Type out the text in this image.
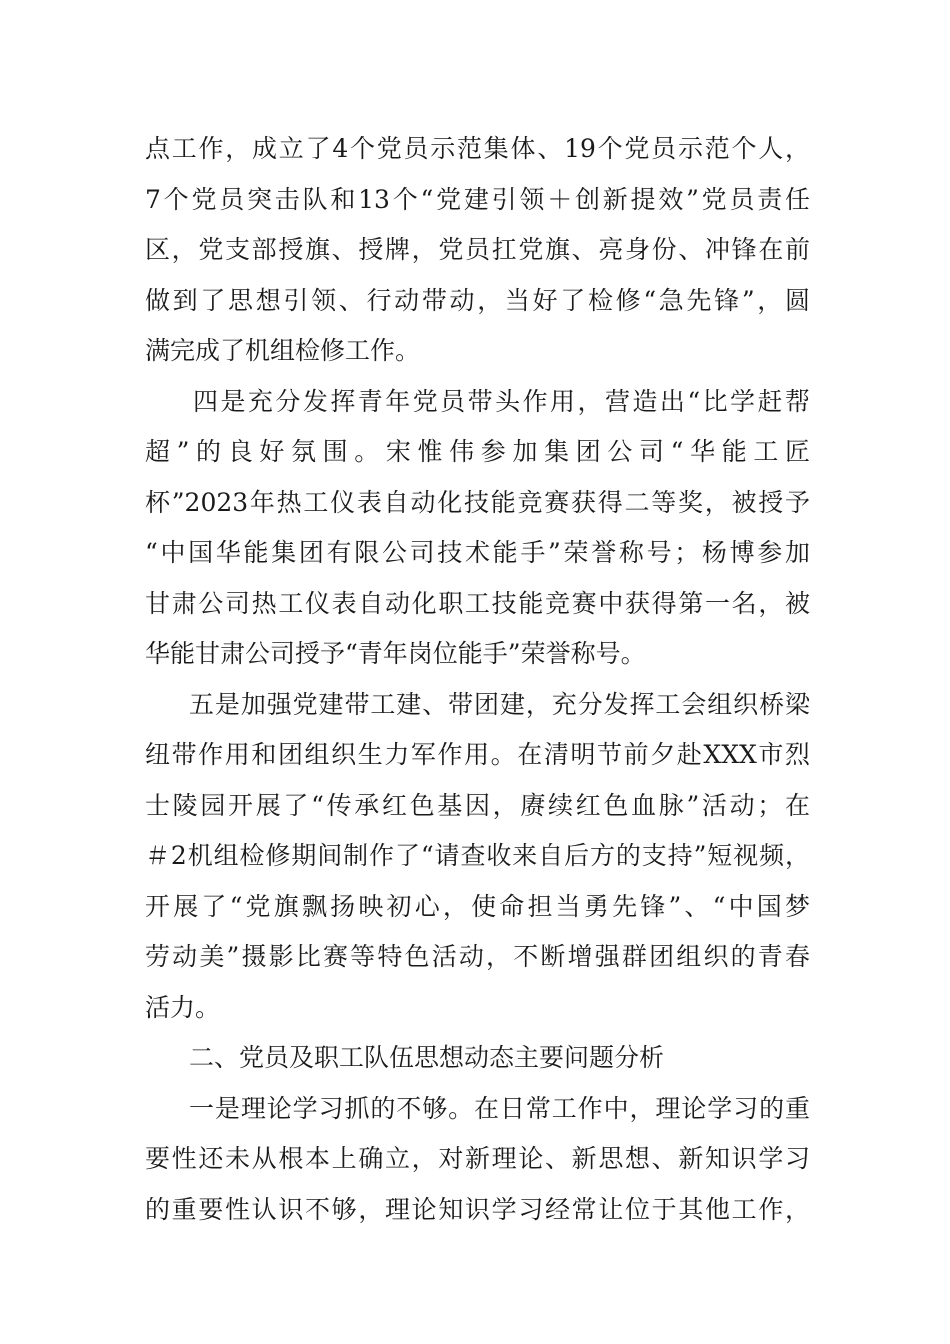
点工作，成立了4个党员示范集体、19个党员示范个人，
7个党员突击队和13个“党建引领＋创新提效”党员责任
区，党支部授旗、授牌，党员扛党旗、亮身份、冲锋在前
做到了思想引领、行动带动，当好了检修“急先锋”，圆
满完成了机组检修工作。
四是充分发挥青年党员带头作用，营造出“比学赶帮
超”的良好氛围。宋惟伟参加集团公司“华能工匠
杯”2023年热工仪表自动化技能竞赛获得二等奖，被授予
“中国华能集团有限公司技术能手”荣誉称号；杨博参加
甘肃公司热工仪表自动化职工技能竞赛中获得第一名，被
华能甘肃公司授予“青年岗位能手”荣誉称号。
五是加强党建带工建、带团建，充分发挥工会组织桥梁
纽带作用和团组织生力军作用。在清明节前夕赴XXX市烈
士陵园开展了“传承红色基因，赓续红色血脉”活动；在
＃2机组检修期间制作了“请查收来自后方的支持”短视频，
开展了“党旗飘扬映初心，使命担当勇先锋”、“中国梦
劳动美”摄影比赛等特色活动，不断增强群团组织的青春
活力。
二、党员及职工队伍思想动态主要问题分析
一是理论学习抓的不够。在日常工作中，理论学习的重
要性还未从根本上确立，对新理论、新思想、新知识学习
的重要性认识不够，理论知识学习经常让位于其他工作，
